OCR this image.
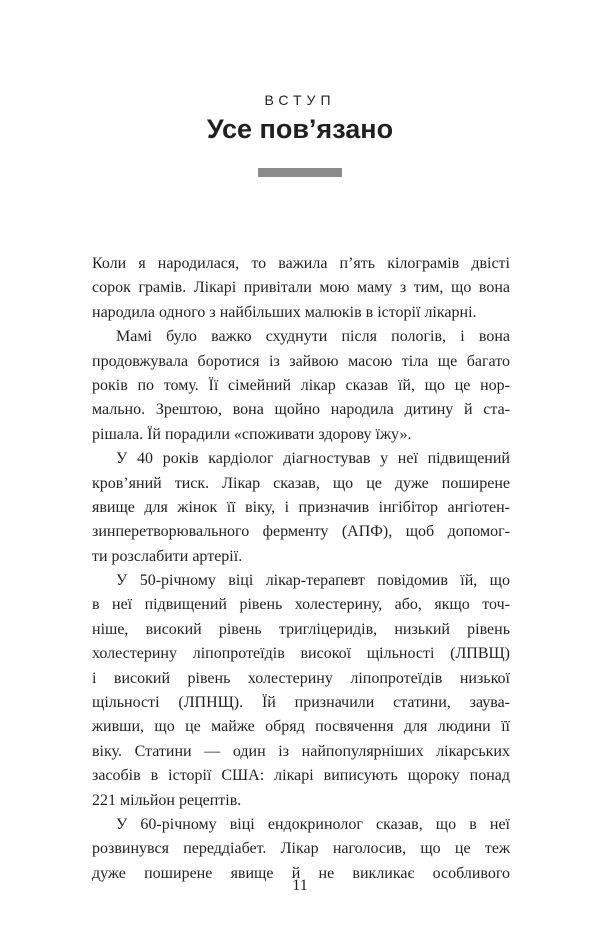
ВСТУП
Усе пов’язано
Коли я народилася, то важила п’ять кілограмів двісті
сорок грамів. Лікарі привітали мою маму з тим, що вона
народила одного з найбільших малюків в історії лікарні.
Мамі було важко схуднути після пологів, і вона
продовжувала боротися із зайвою масою тіла ще багато
років по тому. Її сімейний лікар сказав їй, що це нор-
мально. Зрештою, вона щойно народила дитину й ста-
рішала. Їй порадили «споживати здорову їжу».
У 40 років кардіолог діагностував у неї підвищений
кров’яний тиск. Лікар сказав, що це дуже поширене
явище для жінок її віку, і призначив інгібітор ангіотен-
зинперетворювального ферменту (АПФ), щоб допомог-
ти розслабити артерії.
У 50-річному віці лікар-терапевт повідомив їй, що
в неї підвищений рівень холестерину, або, якщо точ-
ніше, високий рівень тригліцеридів, низький рівень
холестерину ліпопротеїдів високої щільності (ЛПВЩ)
і високий рівень холестерину ліпопротеїдів низької
щільності (ЛПНЩ). Їй призначили статини, заува-
живши, що це майже обряд посвячення для людини її
віку. Статини — один із найпопулярніших лікарських
засобів в історії США: лікарі виписують щороку понад
221 мільйон рецептів.
У 60-річному віці ендокринолог сказав, що в неї
розвинувся переддіабет. Лікар наголосив, що це теж
дуже поширене явище й не викликає особливого
11
